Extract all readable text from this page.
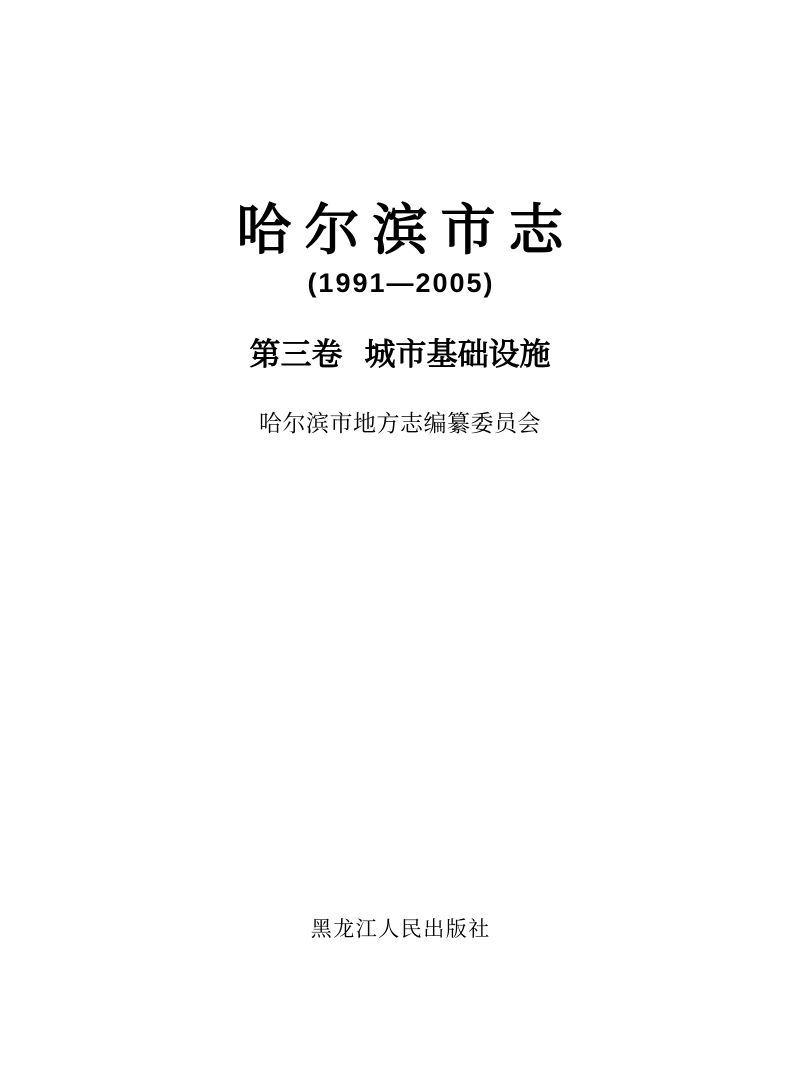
哈尔滨市志
(1991—2005)
第三卷 城市基础设施
哈尔滨市地方志编纂委员会
黑龙江人民出版社
